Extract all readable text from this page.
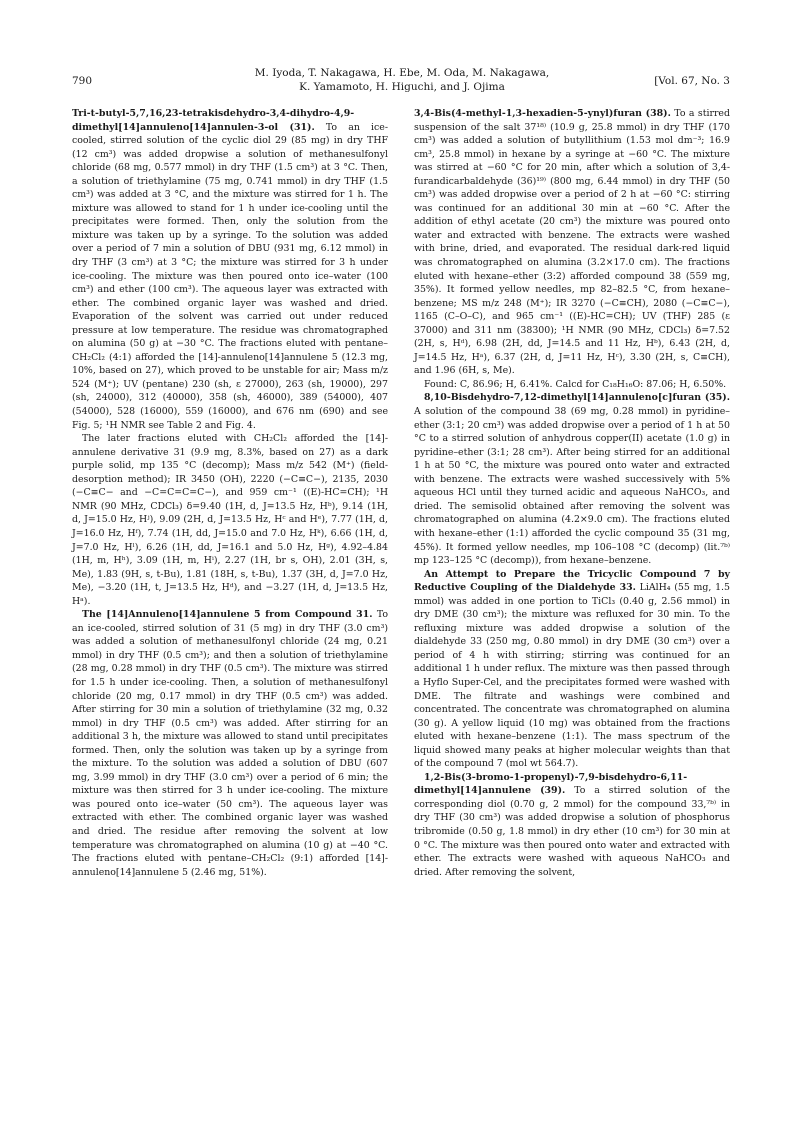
790
M. Iyoda, T. Nakagawa, H. Ebe, M. Oda, M. Nakagawa,
K. Yamamoto, H. Higuchi, and J. Ojima	[Vol. 67, No. 3

Tri-t-butyl-5,7,16,23-tetrakisdehydro-3,4-dihydro-4,9-dimethyl[14]annuleno[14]annulen-3-ol (31). To an ice-cooled, stirred solution of the cyclic diol 29 (85 mg) in dry THF (12 cm³) was added dropwise a solution of methanesulfonyl chloride (68 mg, 0.577 mmol) in dry THF (1.5 cm³) at 3 °C. Then, a solution of triethylamine (75 mg, 0.741 mmol) in dry THF (1.5 cm³) was added at 3 °C, and the mixture was stirred for 1 h. The mixture was allowed to stand for 1 h under ice-cooling until the precipitates were formed. Then, only the solution from the mixture was taken up by a syringe. To the solution was added over a period of 7 min a solution of DBU (931 mg, 6.12 mmol) in dry THF (3 cm³) at 3 °C; the mixture was stirred for 3 h under ice-cooling. The mixture was then poured onto ice–water (100 cm³) and ether (100 cm³). The aqueous layer was extracted with ether. The combined organic layer was washed and dried. Evaporation of the solvent was carried out under reduced pressure at low temperature. The residue was chromatographed on alumina (50 g) at −30 °C. The fractions eluted with pentane–CH₂Cl₂ (4:1) afforded the [14]-annuleno[14]annulene 5 (12.3 mg, 10%, based on 27), which proved to be unstable for air; Mass m/z 524 (M⁺); UV (pentane) 230 (sh, ε 27000), 263 (sh, 19000), 297 (sh, 24000), 312 (40000), 358 (sh, 46000), 389 (54000), 407 (54000), 528 (16000), 559 (16000), and 676 nm (690) and see Fig. 5; ¹H NMR see Table 2 and Fig. 4.

The later fractions eluted with CH₂Cl₂ afforded the [14]-annulene derivative 31 (9.9 mg, 8.3%, based on 27) as a dark purple solid, mp 135 °C (decomp); Mass m/z 542 (M⁺) (field-desorption method); IR 3450 (OH), 2220 (−C≡C−), 2135, 2030 (−C≡C− and −C=C=C=C−), and 959 cm⁻¹ ((E)-HC=CH); ¹H NMR (90 MHz, CDCl₃) δ=9.40 (1H, d, J=13.5 Hz, Hᵇ), 9.14 (1H, d, J=15.0 Hz, Hʲ), 9.09 (2H, d, J=13.5 Hz, Hᶜ and Hᵉ), 7.77 (1H, d, J=16.0 Hz, Hᶠ), 7.74 (1H, dd, J=15.0 and 7.0 Hz, Hᵏ), 6.66 (1H, d, J=7.0 Hz, Hˡ), 6.26 (1H, dd, J=16.1 and 5.0 Hz, Hᵍ), 4.92–4.84 (1H, m, Hʰ), 3.09 (1H, m, Hⁱ), 2.27 (1H, br s, OH), 2.01 (3H, s, Me), 1.83 (9H, s, t-Bu), 1.81 (18H, s, t-Bu), 1.37 (3H, d, J=7.0 Hz, Me), −3.20 (1H, t, J=13.5 Hz, Hᵈ), and −3.27 (1H, d, J=13.5 Hz, Hᵃ).

The [14]Annuleno[14]annulene 5 from Compound 31. To an ice-cooled, stirred solution of 31 (5 mg) in dry THF (3.0 cm³) was added a solution of methanesulfonyl chloride (24 mg, 0.21 mmol) in dry THF (0.5 cm³); and then a solution of triethylamine (28 mg, 0.28 mmol) in dry THF (0.5 cm³). The mixture was stirred for 1.5 h under ice-cooling. Then, a solution of methanesulfonyl chloride (20 mg, 0.17 mmol) in dry THF (0.5 cm³) was added. After stirring for 30 min a solution of triethylamine (32 mg, 0.32 mmol) in dry THF (0.5 cm³) was added. After stirring for an additional 3 h, the mixture was allowed to stand until precipitates formed. Then, only the solution was taken up by a syringe from the mixture. To the solution was added a solution of DBU (607 mg, 3.99 mmol) in dry THF (3.0 cm³) over a period of 6 min; the mixture was then stirred for 3 h under ice-cooling. The mixture was poured onto ice–water (50 cm³). The aqueous layer was extracted with ether. The combined organic layer was washed and dried. The residue after removing the solvent at low temperature was chromatographed on alumina (10 g) at −40 °C. The fractions eluted with pentane–CH₂Cl₂ (9:1) afforded [14]-annuleno[14]annulene 5 (2.46 mg, 51%).

3,4-Bis(4-methyl-1,3-hexadien-5-ynyl)furan (38). To a stirred suspension of the salt 37¹⁸⁾ (10.9 g, 25.8 mmol) in dry THF (170 cm³) was added a solution of butyllithium (1.53 mol dm⁻³; 16.9 cm³, 25.8 mmol) in hexane by a syringe at −60 °C. The mixture was stirred at −60 °C for 20 min, after which a solution of 3,4-furandicarbaldehyde (36)¹⁹⁾ (800 mg, 6.44 mmol) in dry THF (50 cm³) was added dropwise over a period of 2 h at −60 °C: stirring was continued for an additional 30 min at −60 °C. After the addition of ethyl acetate (20 cm³) the mixture was poured onto water and extracted with benzene. The extracts were washed with brine, dried, and evaporated. The residual dark-red liquid was chromatographed on alumina (3.2×17.0 cm). The fractions eluted with hexane–ether (3:2) afforded compound 38 (559 mg, 35%). It formed yellow needles, mp 82–82.5 °C, from hexane–benzene; MS m/z 248 (M⁺); IR 3270 (−C≡CH), 2080 (−C≡C−), 1165 (C–O–C), and 965 cm⁻¹ ((E)-HC=CH); UV (THF) 285 (ε 37000) and 311 nm (38300); ¹H NMR (90 MHz, CDCl₃) δ=7.52 (2H, s, Hᵈ), 6.98 (2H, dd, J=14.5 and 11 Hz, Hᵇ), 6.43 (2H, d, J=14.5 Hz, Hᵃ), 6.37 (2H, d, J=11 Hz, Hᶜ), 3.30 (2H, s, C≡CH), and 1.96 (6H, s, Me).

Found: C, 86.96; H, 6.41%. Calcd for C₁₈H₁₆O: 87.06; H, 6.50%.

8,10-Bisdehydro-7,12-dimethyl[14]annuleno[c]furan (35). A solution of the compound 38 (69 mg, 0.28 mmol) in pyridine–ether (3:1; 20 cm³) was added dropwise over a period of 1 h at 50 °C to a stirred solution of anhydrous copper(II) acetate (1.0 g) in pyridine–ether (3:1; 28 cm³). After being stirred for an additional 1 h at 50 °C, the mixture was poured onto water and extracted with benzene. The extracts were washed successively with 5% aqueous HCl until they turned acidic and aqueous NaHCO₃, and dried. The semisolid obtained after removing the solvent was chromatographed on alumina (4.2×9.0 cm). The fractions eluted with hexane–ether (1:1) afforded the cyclic compound 35 (31 mg, 45%). It formed yellow needles, mp 106–108 °C (decomp) (lit.⁷ᵇ⁾ mp 123–125 °C (decomp)), from hexane–benzene.

An Attempt to Prepare the Tricyclic Compound 7 by Reductive Coupling of the Dialdehyde 33. LiAlH₄ (55 mg, 1.5 mmol) was added in one portion to TiCl₃ (0.40 g, 2.56 mmol) in dry DME (30 cm³); the mixture was refluxed for 30 min. To the refluxing mixture was added dropwise a solution of the dialdehyde 33 (250 mg, 0.80 mmol) in dry DME (30 cm³) over a period of 4 h with stirring; stirring was continued for an additional 1 h under reflux. The mixture was then passed through a Hyflo Super-Cel, and the precipitates formed were washed with DME. The filtrate and washings were combined and concentrated. The concentrate was chromatographed on alumina (30 g). A yellow liquid (10 mg) was obtained from the fractions eluted with hexane–benzene (1:1). The mass spectrum of the liquid showed many peaks at higher molecular weights than that of the compound 7 (mol wt 564.7).

1,2-Bis(3-bromo-1-propenyl)-7,9-bisdehydro-6,11-dimethyl[14]annulene (39). To a stirred solution of the corresponding diol (0.70 g, 2 mmol) for the compound 33,⁷ᵇ⁾ in dry THF (30 cm³) was added dropwise a solution of phosphorus tribromide (0.50 g, 1.8 mmol) in dry ether (10 cm³) for 30 min at 0 °C. The mixture was then poured onto water and extracted with ether. The extracts were washed with aqueous NaHCO₃ and dried. After removing the solvent,
